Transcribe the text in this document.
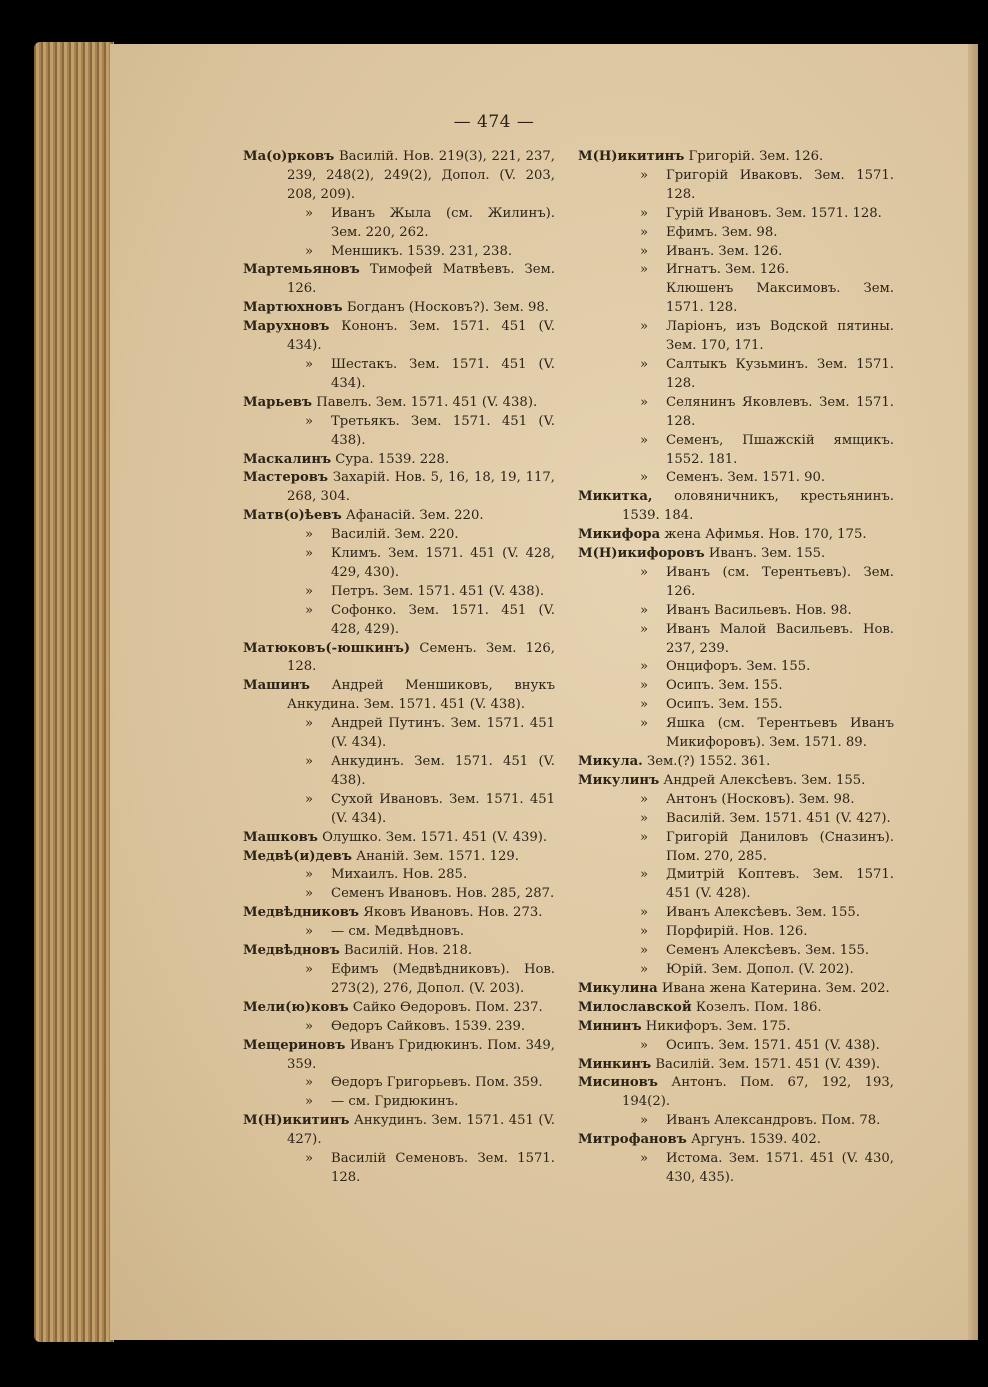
— 474 —

Ма(о)рковъ Василій. Нов. 219(3), 221, 237, 239, 248(2), 249(2), Допол. (V. 203, 208, 209).

» Иванъ Жыла (см. Жилинъ). Зем. 220, 262.

» Меншикъ. 1539. 231, 238.

Мартемьяновъ Тимофей Матвѣевъ. Зем. 126.

Мартюхновъ Богданъ (Носковъ?). Зем. 98.

Марухновъ Кононъ. Зем. 1571. 451 (V. 434).

» Шестакъ. Зем. 1571. 451 (V. 434).

Марьевъ Павелъ. Зем. 1571. 451 (V. 438).

» Третьякъ. Зем. 1571. 451 (V. 438).

Маскалинъ Сура. 1539. 228.

Мастеровъ Захарій. Нов. 5, 16, 18, 19, 117, 268, 304.

Матв(о)ѣевъ Афанасій. Зем. 220.

» Василій. Зем. 220.

» Климъ. Зем. 1571. 451 (V. 428, 429, 430).

» Петръ. Зем. 1571. 451 (V. 438).

» Софонко. Зем. 1571. 451 (V. 428, 429).

Матюковъ(-юшкинъ) Семенъ. Зем. 126, 128.

Машинъ Андрей Меншиковъ, внукъ Анкудина. Зем. 1571. 451 (V. 438).

» Андрей Путинъ. Зем. 1571. 451 (V. 434).

» Анкудинъ. Зем. 1571. 451 (V. 438).

» Сухой Ивановъ. Зем. 1571. 451 (V. 434).

Машковъ Олушко. Зем. 1571. 451 (V. 439).

Медвѣ(и)девъ Ананій. Зем. 1571. 129.

» Михаилъ. Нов. 285.

» Семенъ Ивановъ. Нов. 285, 287.

Медвѣдниковъ Яковъ Ивановъ. Нов. 273.

» — см. Медвѣдновъ.

Медвѣдновъ Василій. Нов. 218.

» Ефимъ (Медвѣдниковъ). Нов. 273(2), 276, Допол. (V. 203).

Мели(ю)ковъ Сайко Өедоровъ. Пом. 237.

» Өедоръ Сайковъ. 1539. 239.

Мещериновъ Иванъ Гридюкинъ. Пом. 349, 359.

» Өедоръ Григорьевъ. Пом. 359.

» — см. Гридюкинъ.

М(Н)икитинъ Анкудинъ. Зем. 1571. 451 (V. 427).

» Василій Семеновъ. Зем. 1571. 128.

М(Н)икитинъ Григорій. Зем. 126.

» Григорій Иваковъ. Зем. 1571. 128.

» Гурій Ивановъ. Зем. 1571. 128.

» Ефимъ. Зем. 98.

» Иванъ. Зем. 126.

» Игнатъ. Зем. 126.

Клюшенъ Максимовъ. Зем. 1571. 128.

» Ларіонъ, изъ Водской пятины. Зем. 170, 171.

» Салтыкъ Кузьминъ. Зем. 1571. 128.

» Селянинъ Яковлевъ. Зем. 1571. 128.

» Семенъ, Пшажскій ямщикъ. 1552. 181.

» Семенъ. Зем. 1571. 90.

Микитка, оловяничникъ, крестьянинъ. 1539. 184.

Микифора жена Афимья. Нов. 170, 175.

М(Н)икифоровъ Иванъ. Зем. 155.

» Иванъ (см. Терентьевъ). Зем. 126.

» Иванъ Васильевъ. Нов. 98.

» Иванъ Малой Васильевъ. Нов. 237, 239.

» Онцифоръ. Зем. 155.

» Осипъ. Зем. 155.

» Осипъ. Зем. 155.

» Яшка (см. Терентьевъ Иванъ Микифоровъ). Зем. 1571. 89.

Микула. Зем.(?) 1552. 361.

Микулинъ Андрей Алексѣевъ. Зем. 155.

» Антонъ (Носковъ). Зем. 98.

» Василій. Зем. 1571. 451 (V. 427).

» Григорій Даниловъ (Сназинъ). Пом. 270, 285.

» Дмитрій Коптевъ. Зем. 1571. 451 (V. 428).

» Иванъ Алексѣевъ. Зем. 155.

» Порфирій. Нов. 126.

» Семенъ Алексѣевъ. Зем. 155.

» Юрій. Зем. Допол. (V. 202).

Микулина Ивана жена Катерина. Зем. 202.

Милославской Козелъ. Пом. 186.

Мининъ Никифоръ. Зем. 175.

» Осипъ. Зем. 1571. 451 (V. 438).

Минкинъ Василій. Зем. 1571. 451 (V. 439).

Мисиновъ Антонъ. Пом. 67, 192, 193, 194(2).

» Иванъ Александровъ. Пом. 78.

Митрофановъ Аргунъ. 1539. 402.

» Истома. Зем. 1571. 451 (V. 430, 430, 435).
